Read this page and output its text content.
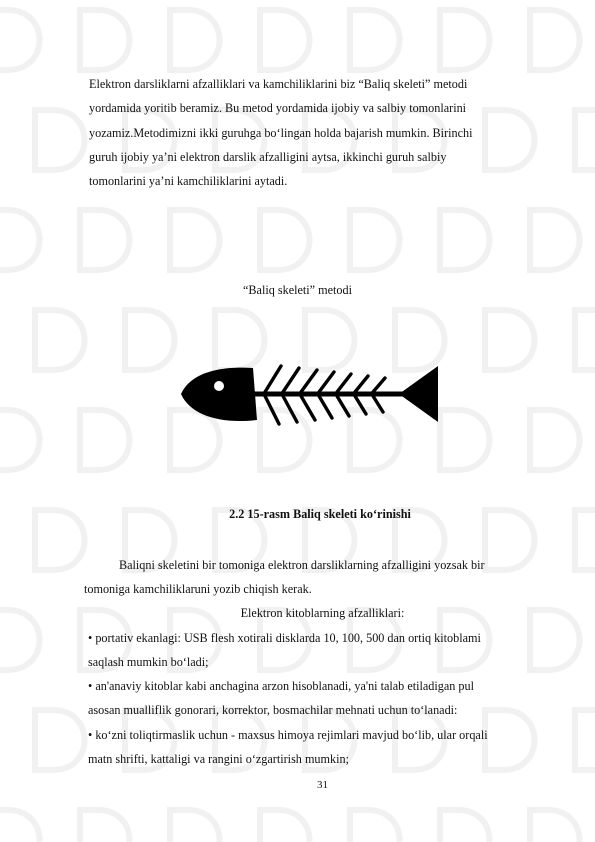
Elektron darsliklarni afzalliklari va kamchiliklarini biz “Baliq skeleti” metodi
yordamida yoritib beramiz. Bu metod yordamida ijobiy va salbiy tomonlarini
yozamiz.Metodimizni ikki guruhga bo‘lingan holda bajarish mumkin. Birinchi
guruh ijobiy ya’ni elektron darslik afzalligini aytsa, ikkinchi guruh salbiy
tomonlarini ya’ni kamchiliklarini aytadi.
“Baliq skeleti” metodi
2.2 15-rasm Baliq skeleti ko‘rinishi
Baliqni skeletini bir tomoniga elektron darsliklarning afzalligini yozsak bir
tomoniga kamchiliklaruni yozib chiqish kerak.
Elektron kitoblarning afzalliklari:
• portativ ekanlagi: USB flesh xotirali disklarda 10, 100, 500 dan ortiq kitoblami
saqlash mumkin bo‘ladi;
• an'anaviy kitoblar kabi anchagina arzon hisoblanadi, ya'ni talab etiladigan pul
asosan mualliflik gonorari, korrektor, bosmachilar mehnati uchun to‘lanadi:
• ko‘zni toliqtirmaslik uchun - maxsus himoya rejimlari mavjud bo‘lib, ular orqali
matn shrifti, kattaligi va rangini o‘zgartirish mumkin;
31
